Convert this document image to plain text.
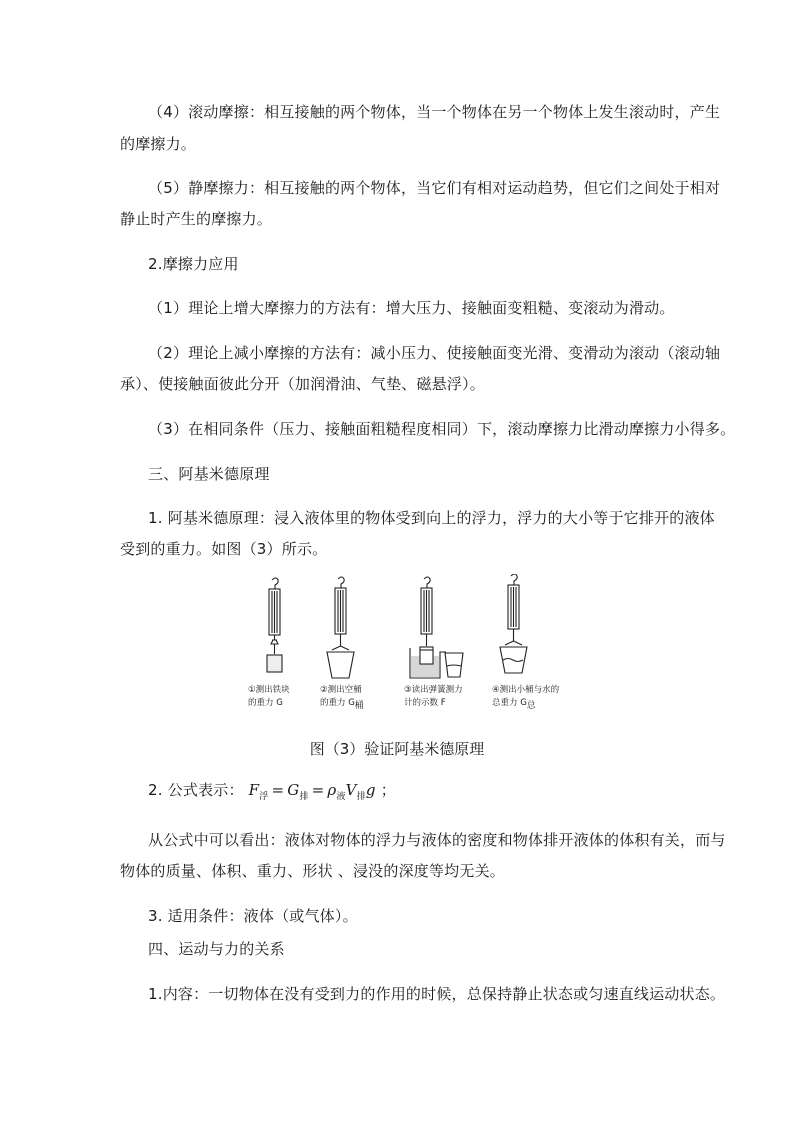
（4）滚动摩擦：相互接触的两个物体，当一个物体在另一个物体上发生滚动时，产生
的摩擦力。
（5）静摩擦力：相互接触的两个物体，当它们有相对运动趋势，但它们之间处于相对
静止时产生的摩擦力。
2.摩擦力应用
（1）理论上增大摩擦力的方法有：增大压力、接触面变粗糙、变滚动为滑动。
（2）理论上减小摩擦的方法有：减小压力、使接触面变光滑、变滑动为滚动（滚动轴
承）、使接触面彼此分开（加润滑油、气垫、磁悬浮）。
（3）在相同条件（压力、接触面粗糙程度相同）下，滚动摩擦力比滑动摩擦力小得多。
三、阿基米德原理
1. 阿基米德原理：浸入液体里的物体受到向上的浮力，浮力的大小等于它排开的液体
受到的重力。如图（3）所示。
①测出铁块
的重力 G
②测出空桶
的重力 G桶
③读出弹簧测力
计的示数 F
④测出小桶与水的
总重力 G总
图（3）验证阿基米德原理
2. 公式表示： $F_浮 = G_排 = \rho_液V_排g$ ；
从公式中可以看出：液体对物体的浮力与液体的密度和物体排开液体的体积有关，而与
物体的质量、体积、重力、形状 、浸没的深度等均无关。
3. 适用条件：液体（或气体）。
四、运动与力的关系
1.内容：一切物体在没有受到力的作用的时候，总保持静止状态或匀速直线运动状态。
